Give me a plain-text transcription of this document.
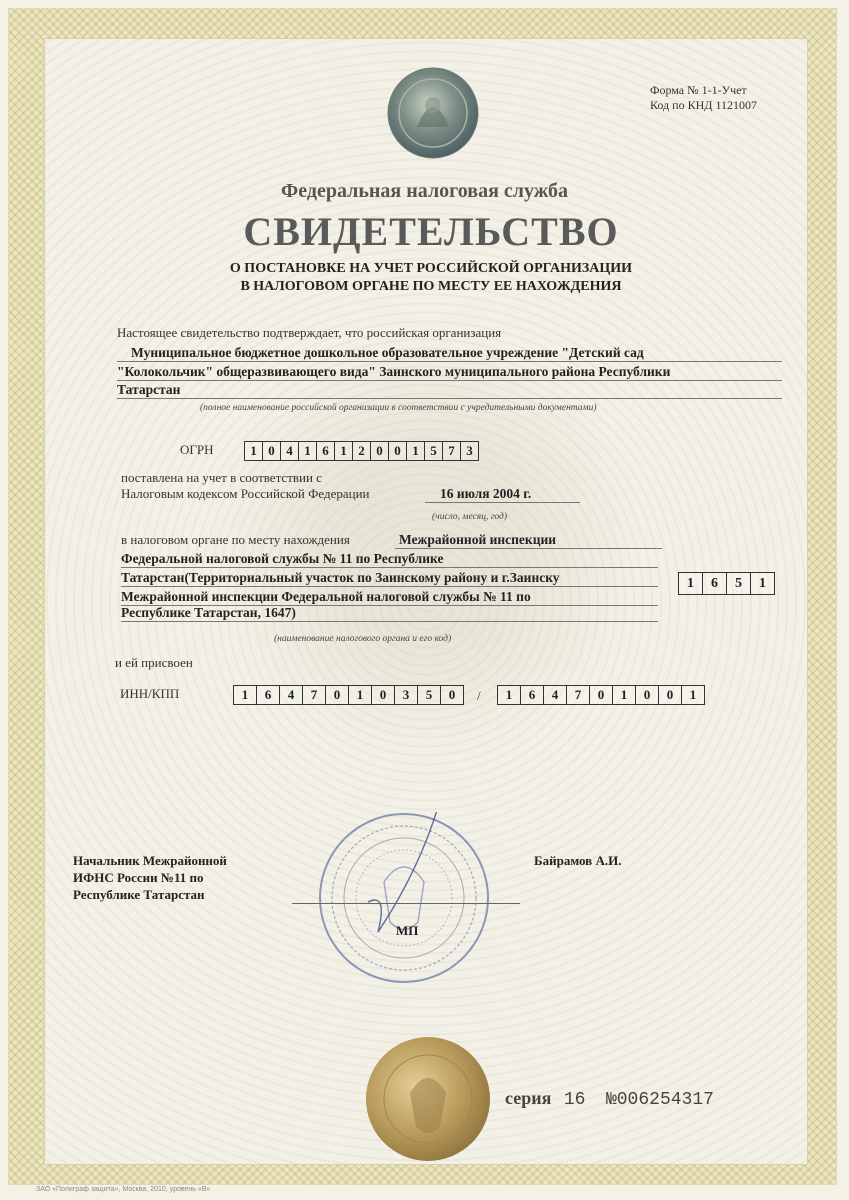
Форма № 1-1-Учет
Код по КНД 1121007
Федеральная налоговая служба
СВИДЕТЕЛЬСТВО
О ПОСТАНОВКЕ НА УЧЕТ РОССИЙСКОЙ ОРГАНИЗАЦИИ
В НАЛОГОВОМ ОРГАНЕ ПО МЕСТУ ЕЕ НАХОЖДЕНИЯ
Настоящее свидетельство подтверждает, что российская организация
Муниципальное бюджетное дошкольное образовательное учреждение "Детский сад
"Колокольчик" общеразвивающего вида" Заинского муниципального района Республики
Татарстан
(полное наименование российской организации в соответствии с учредительными документами)
ОГРН	1 0 4 1 6 1 2 0 0 1 5 7 3
поставлена на учет в соответствии с
Налоговым кодексом Российской Федерации	16 июля 2004 г.
(число, месяц, год)
в налоговом органе по месту нахождения	Межрайонной инспекции
Федеральной налоговой службы № 11 по Республике
Татарстан(Территориальный участок по Заинскому району и г.Заинску
Межрайонной инспекции Федеральной налоговой службы № 11 по
Республике Татарстан, 1647)
(наименование налогового органа и его код)
1	6	5	1
и ей присвоен
ИНН/КПП	1	6	4	7	0	1	0	3	5	0	/	1	6	4	7	0	1	0	0	1
МП
Начальник Межрайонной
ИФНС России №11 по
Республике Татарстан
Байрамов А.И.
серия 16 №006254317
ЗАО «Полиграф защита», Москва, 2010, уровень «В»
